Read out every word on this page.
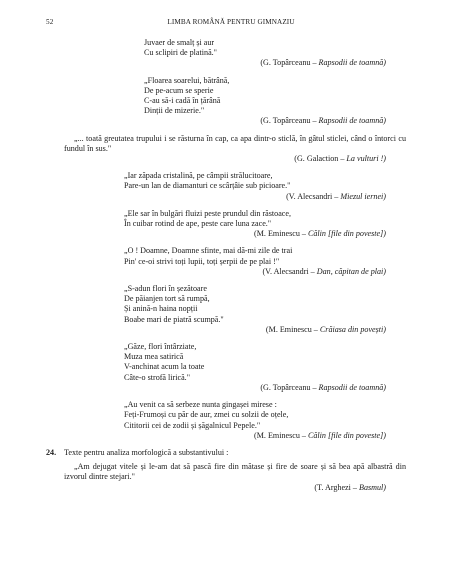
52	LIMBA ROMÂNĂ PENTRU GIMNAZIU
Juvaer de smalț și aur
Cu sclipiri de platină."
(G. Topârceanu – Rapsodii de toamnă)
„Floarea soarelui, bătrână,
De pe-acum se sperie
C-au să-i cadă în țărână
Dinții de mizerie."
(G. Topârceanu – Rapsodii de toamnă)
„... toată greutatea trupului i se răsturna în cap, ca apa dintr-o sticlă, în gâtul sticlei, când o întorci cu fundul în sus."
(G. Galaction – La vulturi !)
„Iar zăpada cristalină, pe câmpii strălucitoare,
Pare-un lan de diamanturi ce scârțâie sub picioare."
(V. Alecsandri – Miezul iernei)
„Ele sar în bulgări fluizi peste prundul din răstoace,
În cuibar rotind de ape, peste care luna zace."
(M. Eminescu – Călin [file din poveste])
„O ! Doamne, Doamne sfinte, mai dă-mi zile de trai
Pin' ce-oi strivi toți lupii, toți șerpii de pe plai !"
(V. Alecsandri – Dan, căpitan de plai)
„S-adun flori în șezătoare
De păianjen tort să rumpă,
Și anină-n haina nopții
Boabe mari de piatră scumpă."
(M. Eminescu – Crăiasa din povești)
„Găze, flori întârziate,
Muza mea satirică
V-anchinat acum la toate
Câte-o strofă lirică."
(G. Topârceanu – Rapsodii de toamnă)
„Au venit ca să serbeze nunta gingașei mirese :
Feți-Frumoși cu păr de aur, zmei cu solzii de oțele,
Cititorii cei de zodii și șăgalnicul Pepele."
(M. Eminescu – Călin [file din poveste])
24. Texte pentru analiza morfologică a substantivului :
„Am dejugat vitele și le-am dat să pască fire din mătase și fire de soare și să bea apă albastră din izvorul dintre stejari."
(T. Arghezi – Basmul)
